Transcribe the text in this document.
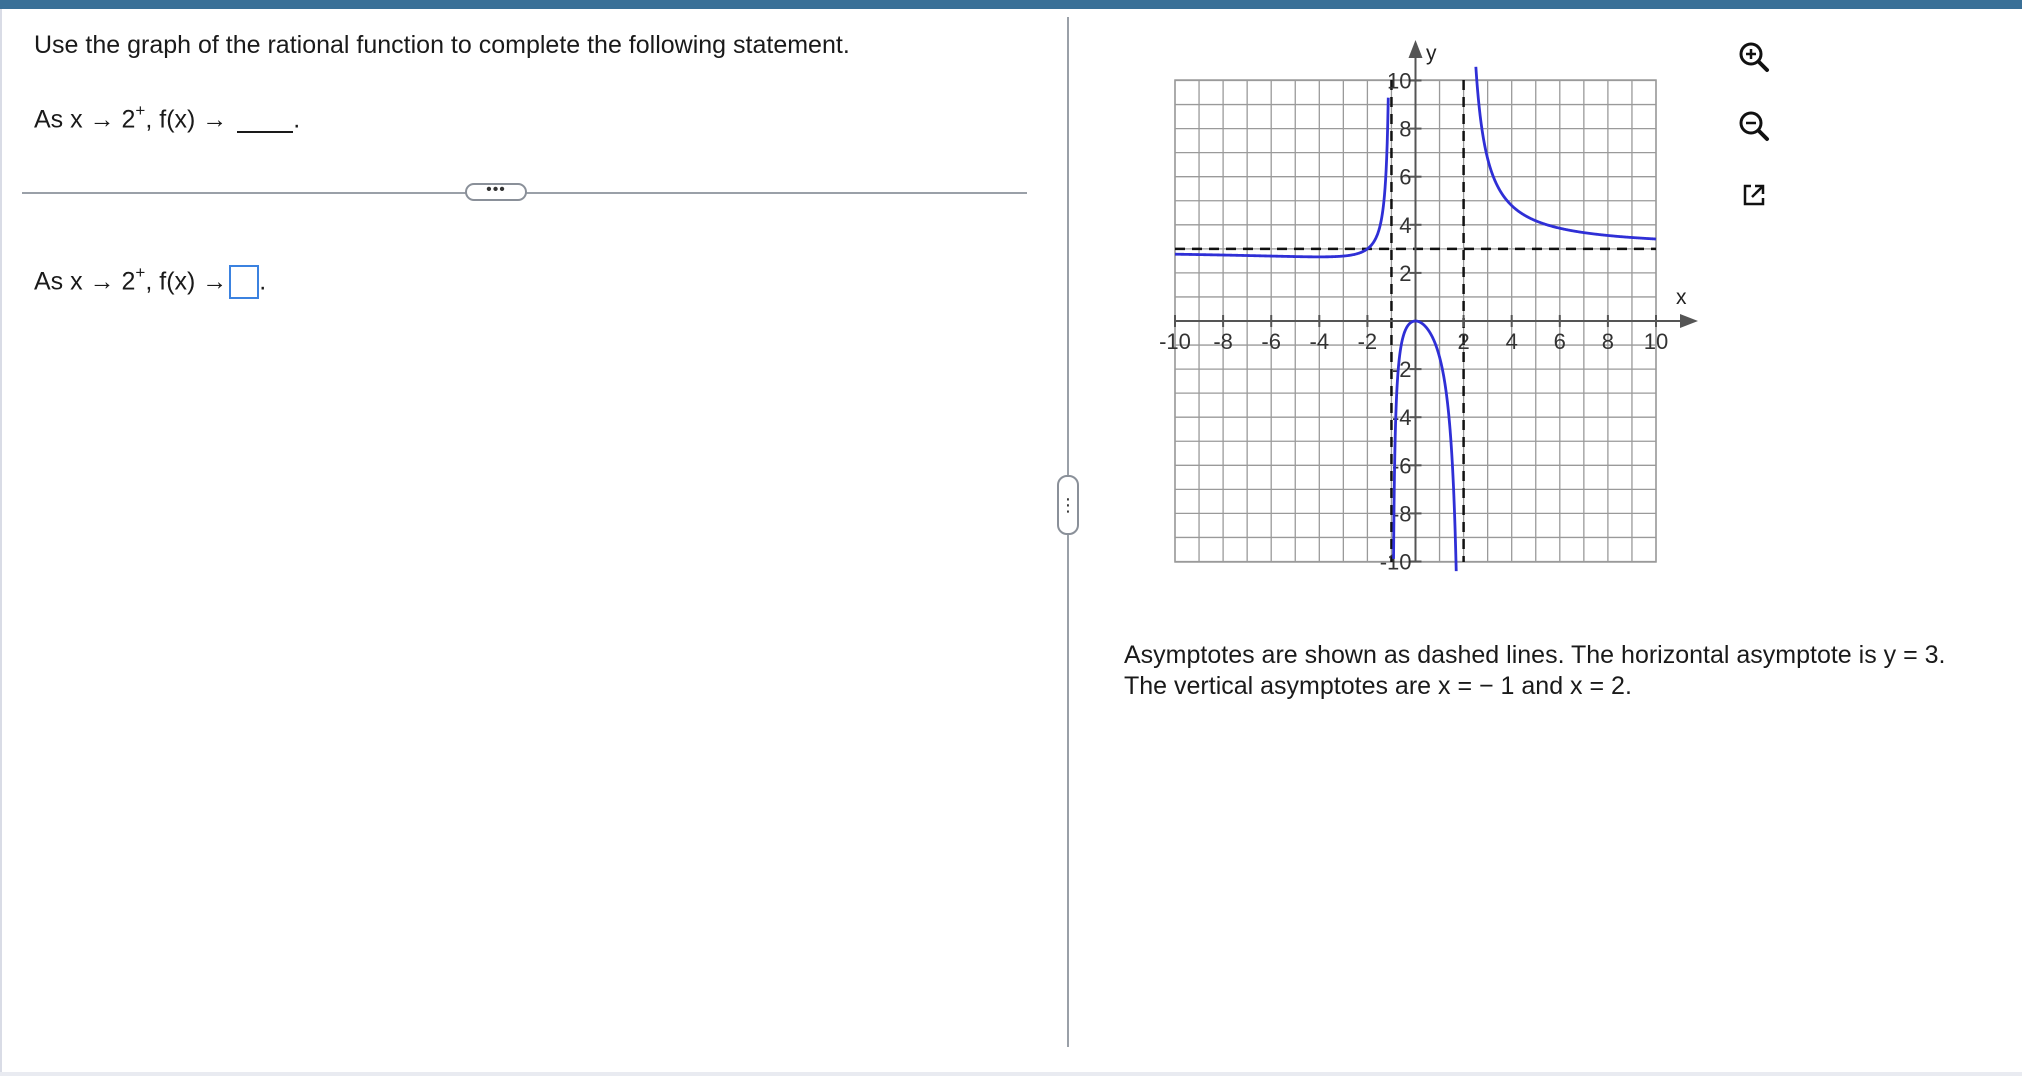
Use the graph of the rational function to complete the following statement.
As x → 2+, f(x) →	.
•••
As x → 2+, f(x) → .
⋮
-10 -8 -6 -4 -2	2 4 6 8 10
10
8
6
4
2
-2
-4
-6
-8
-10
x
y
Asymptotes are shown as dashed lines. The horizontal asymptote is y = 3.
The vertical asymptotes are x = − 1 and x = 2.
